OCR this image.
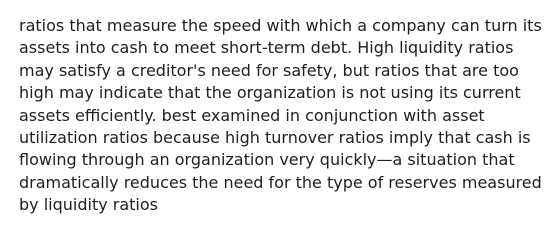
ratios that measure the speed with which a company can turn its
assets into cash to meet short-term debt. High liquidity ratios
may satisfy a creditor's need for safety, but ratios that are too
high may indicate that the organization is not using its current
assets efficiently. best examined in conjunction with asset
utilization ratios because high turnover ratios imply that cash is
flowing through an organization very quickly—a situation that
dramatically reduces the need for the type of reserves measured
by liquidity ratios
